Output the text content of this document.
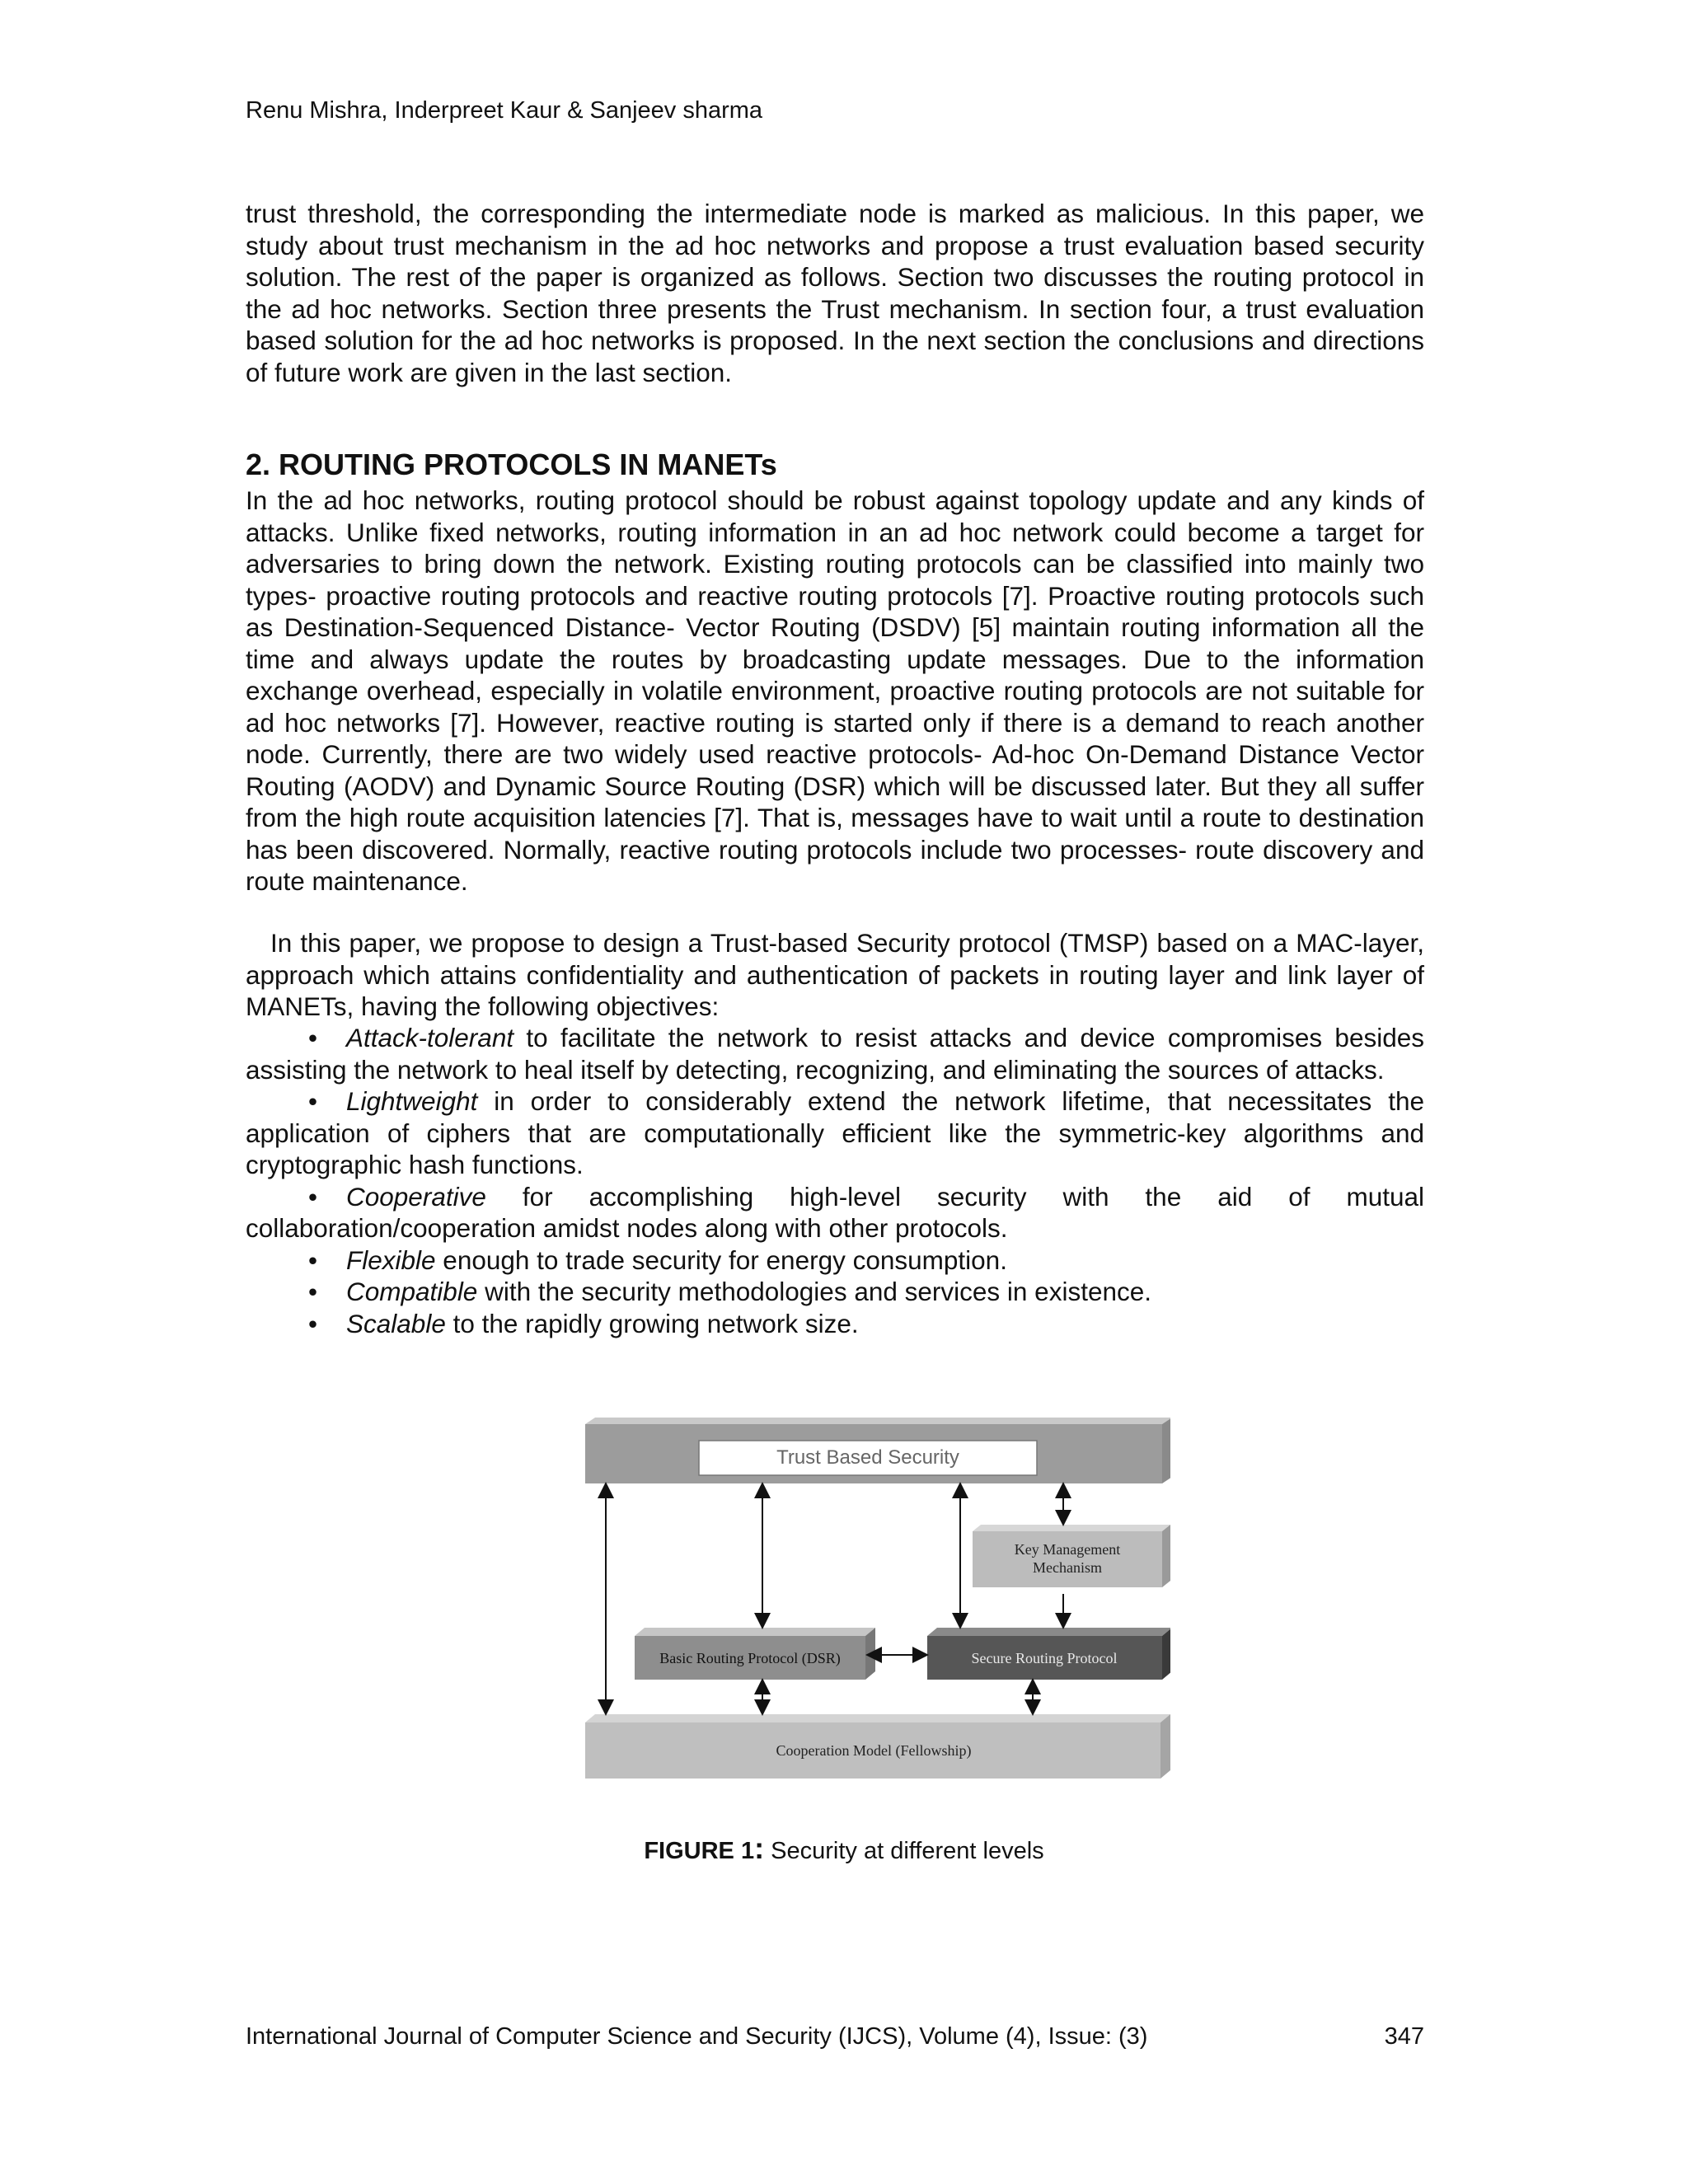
Renu Mishra, Inderpreet Kaur & Sanjeev sharma

trust threshold, the corresponding the intermediate node is marked as malicious. In this paper, we study about trust mechanism in the ad hoc networks and propose a trust evaluation based security solution. The rest of the paper is organized as follows. Section two discusses the routing protocol in the ad hoc networks. Section three presents the Trust mechanism. In section four, a trust evaluation based solution for the ad hoc networks is proposed. In the next section the conclusions and directions of future work are given in the last section.

2. ROUTING PROTOCOLS IN MANETs

In the ad hoc networks, routing protocol should be robust against topology update and any kinds of attacks. Unlike fixed networks, routing information in an ad hoc network could become a target for adversaries to bring down the network. Existing routing protocols can be classified into mainly two types- proactive routing protocols and reactive routing protocols [7]. Proactive routing protocols such as Destination-Sequenced Distance- Vector Routing (DSDV) [5] maintain routing information all the time and always update the routes by broadcasting update messages. Due to the information exchange overhead, especially in volatile environment, proactive routing protocols are not suitable for ad hoc networks [7]. However, reactive routing is started only if there is a demand to reach another node. Currently, there are two widely used reactive protocols- Ad-hoc On-Demand Distance Vector Routing (AODV) and Dynamic Source Routing (DSR) which will be discussed later. But they all suffer from the high route acquisition latencies [7]. That is, messages have to wait until a route to destination has been discovered. Normally, reactive routing protocols include two processes- route discovery and route maintenance.

In this paper, we propose to design a Trust-based Security protocol (TMSP) based on a MAC-layer, approach which attains confidentiality and authentication of packets in routing layer and link layer of MANETs, having the following objectives:

• Attack-tolerant to facilitate the network to resist attacks and device compromises besides assisting the network to heal itself by detecting, recognizing, and eliminating the sources of attacks.
• Lightweight in order to considerably extend the network lifetime, that necessitates the application of ciphers that are computationally efficient like the symmetric-key algorithms and cryptographic hash functions.
• Cooperative for accomplishing high-level security with the aid of mutual collaboration/cooperation amidst nodes along with other protocols.
• Flexible enough to trade security for energy consumption.
• Compatible with the security methodologies and services in existence.
• Scalable to the rapidly growing network size.
Trust Based Security
Key Management
Mechanism
Basic Routing Protocol (DSR)	Secure Routing Protocol
Cooperation Model (Fellowship)
FIGURE 1: Security at different levels
International Journal of Computer Science and Security (IJCS), Volume (4), Issue: (3)	347
